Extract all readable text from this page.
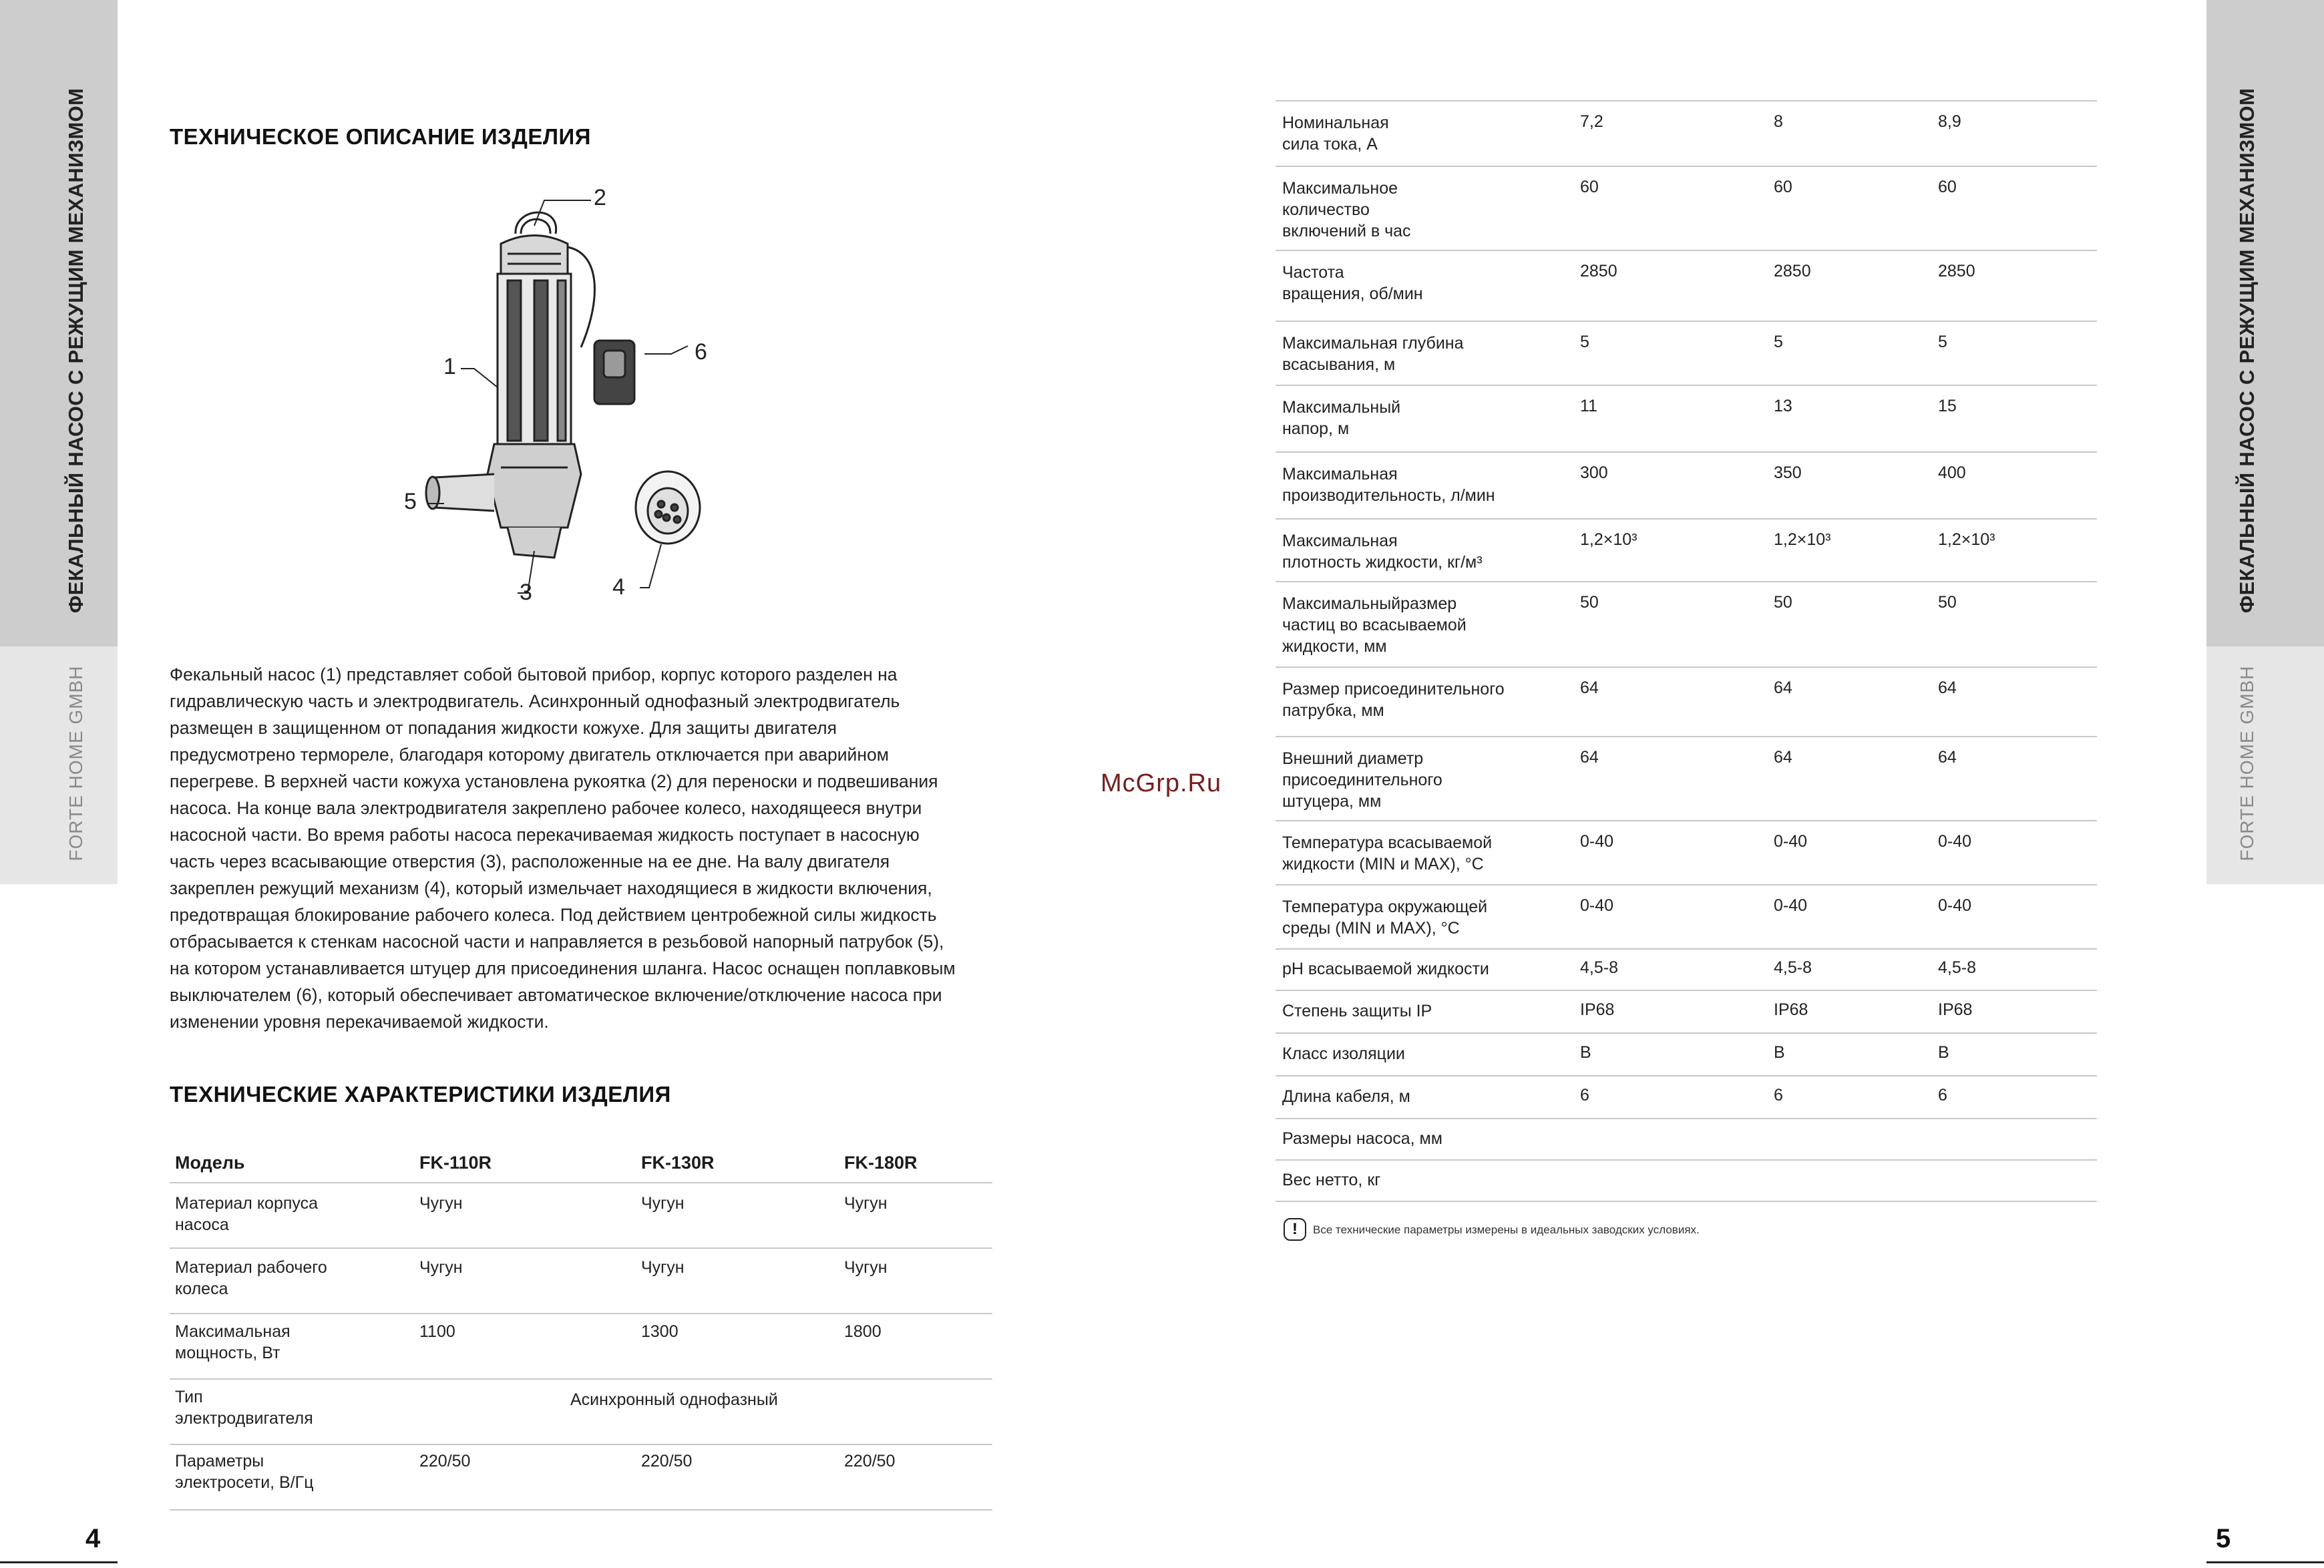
ФЕКАЛЬНЫЙ НАСОС С РЕЖУЩИМ МЕХАНИЗМОМ
FORTE HOME GMBH
ФЕКАЛЬНЫЙ НАСОС С РЕЖУЩИМ МЕХАНИЗМОМ
FORTE HOME GMBH
4	5
ТЕХНИЧЕСКОЕ ОПИСАНИЕ ИЗДЕЛИЯ
1
2
3	4
5
6
Фекальный насос (1) представляет собой бытовой прибор, корпус которого разделен на
гидравлическую часть и электродвигатель. Асинхронный однофазный электродвигатель
размещен в защищенном от попадания жидкости кожухе. Для защиты двигателя
предусмотрено термореле, благодаря которому двигатель отключается при аварийном
перегреве. В верхней части кожуха установлена рукоятка (2) для переноски и подвешивания
насоса. На конце вала электродвигателя закреплено рабочее колесо, находящееся внутри
насосной части. Во время работы насоса перекачиваемая жидкость поступает в насосную
часть через всасывающие отверстия (3), расположенные на ее дне. На валу двигателя
закреплен режущий механизм (4), который измельчает находящиеся в жидкости включения,
предотвращая блокирование рабочего колеса. Под действием центробежной силы жидкость
отбрасывается к стенкам насосной части и направляется в резьбовой напорный патрубок (5),
на котором устанавливается штуцер для присоединения шланга. Насос оснащен поплавковым
выключателем (6), который обеспечивает автоматическое включение/отключение насоса при
изменении уровня перекачиваемой жидкости.
ТЕХНИЧЕСКИЕ ХАРАКТЕРИСТИКИ ИЗДЕЛИЯ
Модель	FK-110R	FK-130R	FK-180R
Материал корпуса
насоса
Чугун	Чугун	Чугун
Материал рабочего
колеса
Чугун	Чугун	Чугун
Максимальная
мощность, Вт
1100	1300	1800
Тип
электродвигателя
Асинхронный однофазный
Параметры
электросети, В/Гц
220/50	220/50	220/50
McGrp.Ru
Номинальная
сила тока, А
7,2	8	8,9
Максимальное
количество
включений в час
60	60	60
Частота
вращения, об/мин
2850	2850	2850
Максимальная глубина
всасывания, м
5	5	5
Максимальный
напор, м
11	13	15
Максимальная
производительность, л/мин
300	350	400
Максимальная
плотность жидкости, кг/м³
1,2×10³	1,2×10³	1,2×10³
Максимальныйразмер
частиц во всасываемой
жидкости, мм
50	50	50
Размер присоединительного
патрубка, мм
64	64	64
Внешний диаметр
присоединительного
штуцера, мм
64	64	64
Температура всасываемой
жидкости (MIN и MAX), °C
0-40	0-40	0-40
Температура окружающей
среды (MIN и MAX), °C
0-40	0-40	0-40
pH всасываемой жидкости	4,5-8	4,5-8	4,5-8
Степень защиты IP	IP68	IP68	IP68
Класс изоляции	B	B	B
Длина кабеля, м	6	6	6
Размеры насоса, мм
Вес нетто, кг
!	Все технические параметры измерены в идеальных заводских условиях.
